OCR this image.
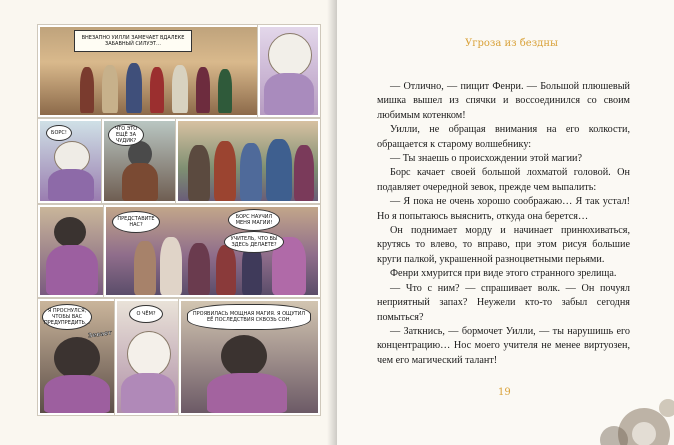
ВНЕЗАПНО УИЛЛИ ЗАМЕЧАЕТ ВДАЛЕКЕ ЗАБАВНЫЙ СИЛУЭТ…
БОРС!
ЧТО ЭТО ЕЩЁ ЗА ЧУДИК?
ПРЕДСТАВИТЕ НАС?
БОРС НАУЧИЛ МЕНЯ МАГИИ!
УЧИТЕЛЬ, ЧТО ВЫ ЗДЕСЬ ДЕЛАЕТЕ?
Я ПРОСНУЛСЯ, ЧТОБЫ ВАС ПРЕДУПРЕДИТЬ…
Зевает
О ЧЁМ?	ПРОЯВИЛАСЬ МОЩНАЯ МАГИЯ. Я ОЩУТИЛ ЕЁ ПОСЛЕДСТВИЯ СКВОЗЬ СОН.
Угроза из бездны

— Отлично, — пищит Фенри. — Большой плюшевый мишка вышел из спячки и воссоединился со своим любимым котенком!

Уилли, не обращая внимания на его колкости, обращается к старому волшебнику:

— Ты знаешь о происхождении этой магии?

Борс качает своей большой лохматой головой. Он подавляет очередной зевок, прежде чем выпалить:

— Я пока не очень хорошо соображаю… Я так устал! Но я попытаюсь выяснить, откуда она берется…

Он поднимает морду и начинает принюхиваться, крутясь то влево, то вправо, при этом рисуя большие круги палкой, украшенной разноцветными перьями.

Фенри хмурится при виде этого странного зрелища.

— Что с ним? — спрашивает волк. — Он почуял неприятный запах? Неужели кто-то забыл сегодня помыться?

— Заткнись, — бормочет Уилли, — ты нарушишь его концентрацию… Нос моего учителя не менее виртуозен, чем его магический талант!

19
